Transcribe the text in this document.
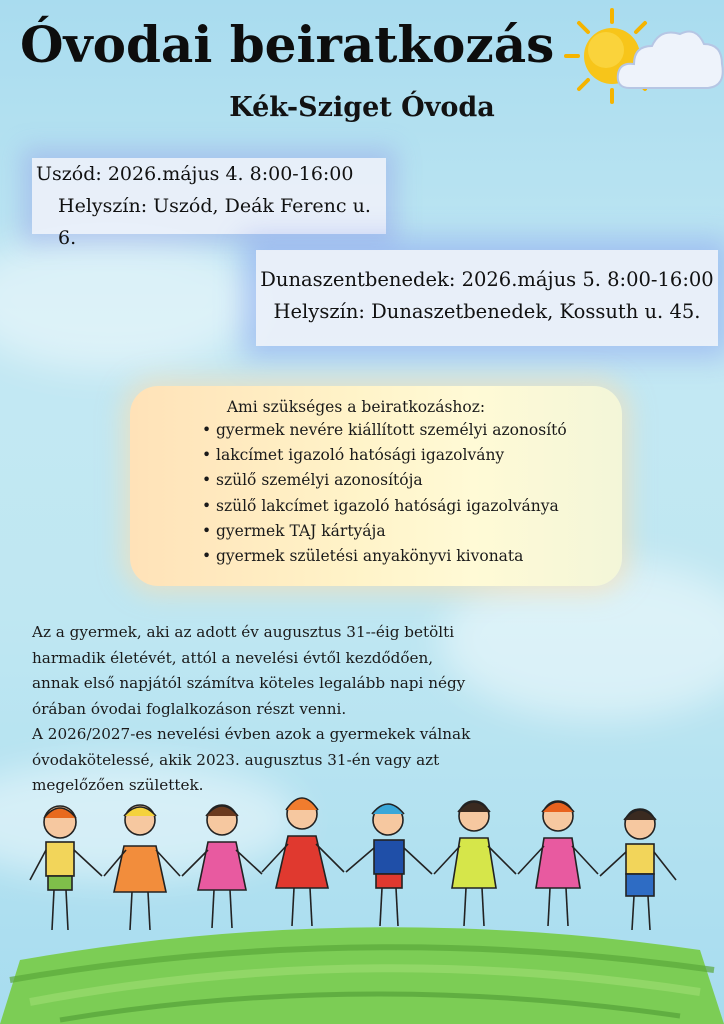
Óvodai beiratkozás
Kék-Sziget Óvoda
Uszód: 2026.május 4. 8:00-16:00
Helyszín: Uszód, Deák Ferenc u. 6.
Dunaszentbenedek: 2026.május 5. 8:00-16:00
Helyszín: Dunaszetbenedek, Kossuth u. 45.
Ami szükséges a beiratkozáshoz:
• gyermek nevére kiállított személyi azonosító
• lakcímet igazoló hatósági igazolvány
• szülő személyi azonosítója
• szülő lakcímet igazoló hatósági igazolványa
• gyermek TAJ kártyája
• gyermek születési anyakönyvi kivonata

Az a gyermek, aki az adott év augusztus 31--éig betölti harmadik életévét, attól a nevelési évtől kezdődően, annak első napjától számítva köteles legalább napi négy órában óvodai foglalkozáson részt venni.

A 2026/2027-es nevelési évben azok a gyermekek válnak óvodakötelessé, akik 2023. augusztus 31-én vagy azt megelőzően születtek.
